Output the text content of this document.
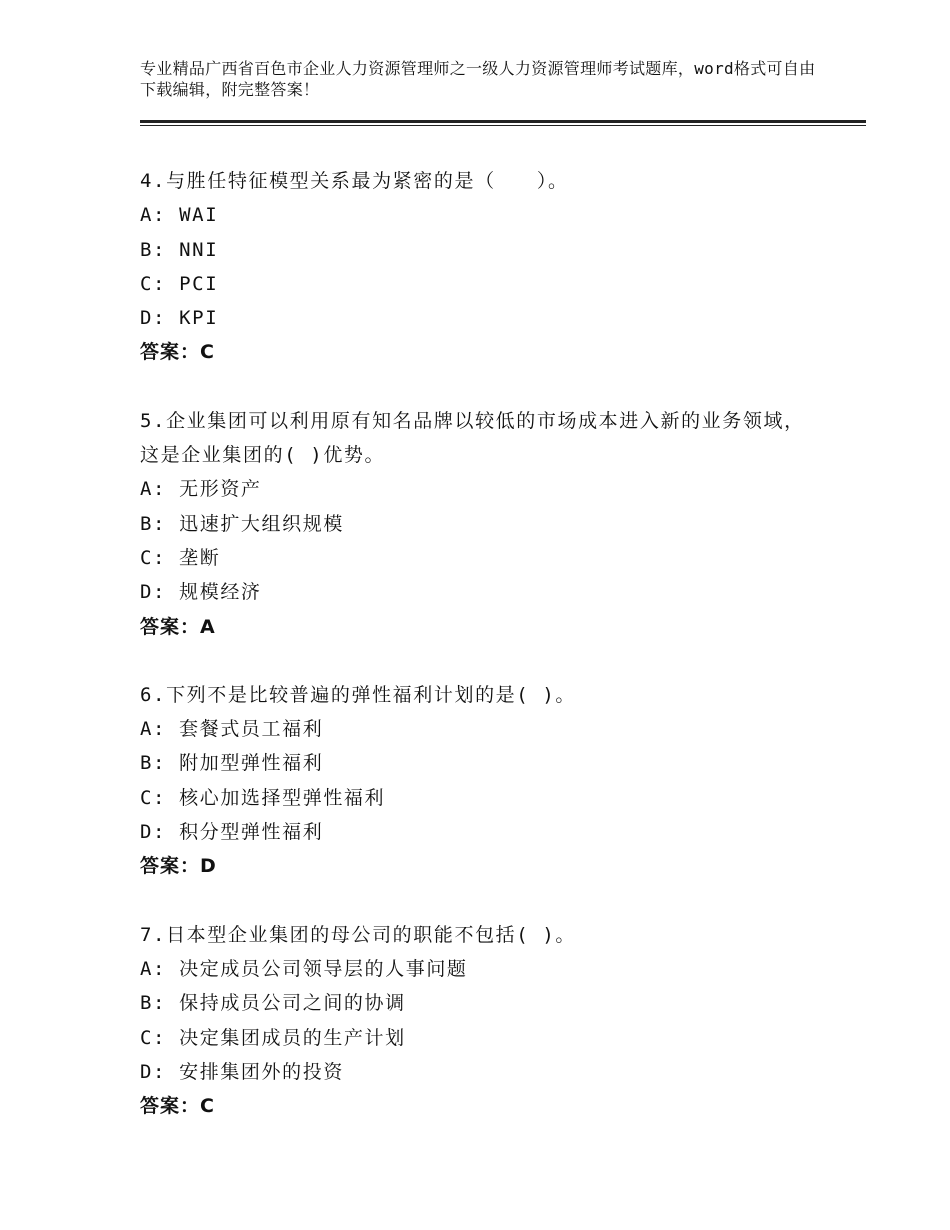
专业精品广西省百色市企业人力资源管理师之一级人力资源管理师考试题库，word格式可自由下载编辑，附完整答案！
4.与胜任特征模型关系最为紧密的是（　　）。
A: WAI
B: NNI
C: PCI
D: KPI
答案：C
5.企业集团可以利用原有知名品牌以较低的市场成本进入新的业务领域，这是企业集团的( )优势。
A: 无形资产
B: 迅速扩大组织规模
C: 垄断
D: 规模经济
答案：A
6.下列不是比较普遍的弹性福利计划的是( )。
A: 套餐式员工福利
B: 附加型弹性福利
C: 核心加选择型弹性福利
D: 积分型弹性福利
答案：D
7.日本型企业集团的母公司的职能不包括( )。
A: 决定成员公司领导层的人事问题
B: 保持成员公司之间的协调
C: 决定集团成员的生产计划
D: 安排集团外的投资
答案：C
